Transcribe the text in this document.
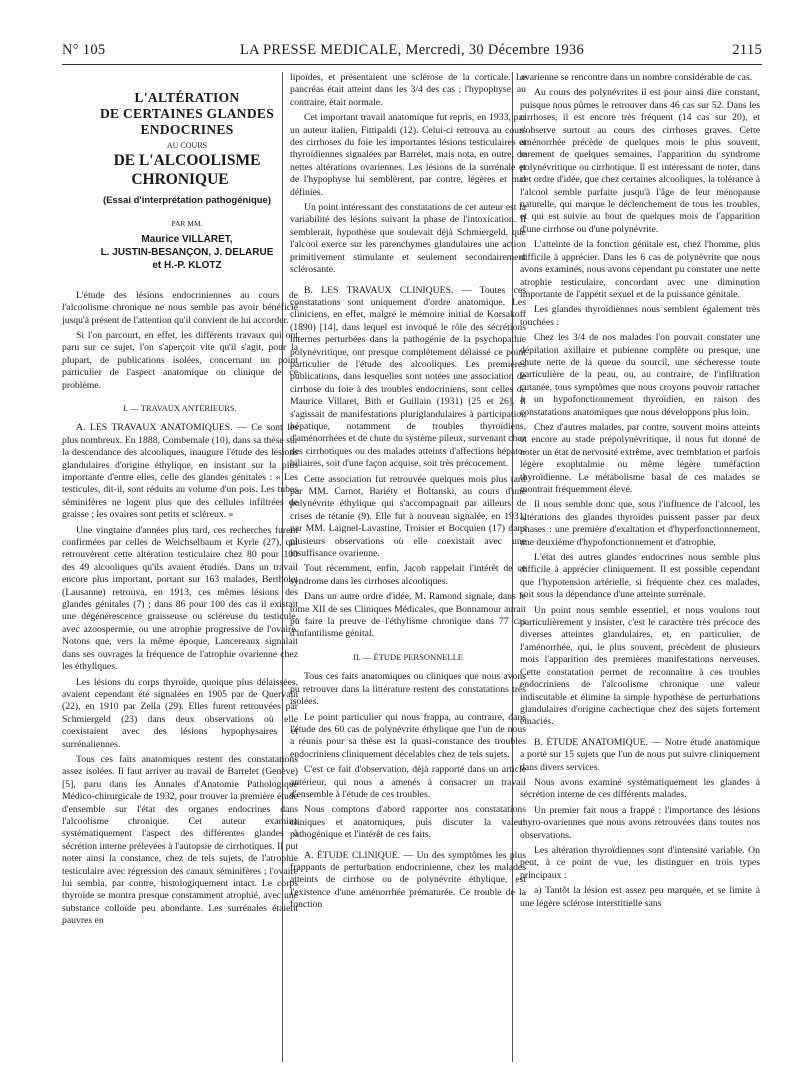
N° 105	LA PRESSE MEDICALE, Mercredi, 30 Décembre 1936	2115

L'ALTÉRATION

DE CERTAINES GLANDES

ENDOCRINES

AU COURS

DE L'ALCOOLISME CHRONIQUE

(Essai d'interprétation pathogénique)

PAR MM.

Maurice VILLARET,

L. JUSTIN-BESANÇON, J. DELARUE

et H.-P. KLOTZ

L'étude des lésions endocriniennes au cours de l'alcoolisme chronique ne nous semble pas avoir bénéficié jusqu'à présent de l'attention qu'il convient de lui accorder.

Si l'on parcourt, en effet, les différents travaux qui ont paru sur ce sujet, l'on s'aperçoit vite qu'il s'agit, pour la plupart, de publications isolées, concernant un point particulier de l'aspect anatomique ou clinique de ce problème.

I. — TRAVAUX ANTÉRIEURS.

A. LES TRAVAUX ANATOMIQUES. — Ce sont les plus nombreux. En 1888, Combemale (10), dans sa thèse sur la descendance des alcooliques, inaugure l'étude des lésions glandulaires d'origine éthylique, en insistant sur la plus importante d'entre elles, celle des glandes génitales : « Les testicules, dit-il, sont réduits au volume d'un pois. Les tubes séminifères ne logent plus que des cellules infiltrées de graisse ; les ovaires sont petits et scléreux. »

Une vingtaine d'années plus tard, ces recherches furent confirmées par celles de Weichselbaum et Kyrle (27), qui retrouvèrent cette altération testiculaire chez 80 pour 100 des 49 alcooliques qu'ils avaient étudiés. Dans un travail encore plus important, portant sur 163 malades, Bertholet (Lausanne) retrouva, en 1913, ces mêmes lésions des glandes génitales (7) ; dans 86 pour 100 des cas il existait une dégénérescence graisseuse ou scléreuse du testicule, avec azoospermie, ou une atrophie progressive de l'ovaire. Notons que, vers la même époque, Lancereaux signalait dans ses ouvrages la fréquence de l'atrophie ovarienne chez les éthyliques.

Les lésions du corps thyroïde, quoique plus délaissées, avaient cependant été signalées en 1905 par de Quervain (22), en 1910 par Zella (29). Elles furent retrouvées par Schmiergeld (23) dans deux observations où elle coexistaient avec des lésions hypophysaires et surrénaliennes.

Tous ces faits anatomiques restent des constatations assez isolées. Il faut arriver au travail de Barrelet (Genève) [5], paru dans les Annales d'Anatomie Pathologique Médico-chirurgicale de 1932, pour trouver la première étude d'ensemble sur l'état des organes endocrines dans l'alcoolisme chronique. Cet auteur examina systématiquement l'aspect des différentes glandes à sécrétion interne prélevées à l'autopsie de cirrhotiques. Il put noter ainsi la constance, chez de tels sujets, de l'atrophie testiculaire avec régression des canaux séminifères ; l'ovaire lui sembla, par contre, histologiquement intact. Le corps thyroïde se montra presque constamment atrophié, avec une substance colloïde peu abondante. Les surrénales étaient pauvres en

lipoïdes, et présentaient une sclérose de la corticale. Le pancréas était atteint dans les 3/4 des cas ; l'hypophyse, au contraire, était normale.

Cet important travail anatomique fut repris, en 1933, par un auteur italien, Fittipaldi (12). Celui-ci retrouva au cours des cirrhoses du foie les importantes lésions testiculaires et thyroïdiennes signalées par Barrelet, mais nota, en outre, de nettes altérations ovariennes. Les lésions de la surrénale et de l'hypophyse lui semblèrent, par contre, légères et mal définies.

Un point intéressant des constatations de cet auteur est la variabilité des lésions suivant la phase de l'intoxication. Il semblerait, hypothèse que soulevait déjà Schmiergeld, que l'alcool exerce sur les parenchymes glandulaires une action primitivement stimulante et seulement secondairement sclérosante.

B. LES TRAVAUX CLINIQUES. — Toutes ces constatations sont uniquement d'ordre anatomique. Les cliniciens, en effet, malgré le mémoire initial de Korsakoff (1890) [14], dans lequel est invoqué le rôle des sécrétions internes perturbées dans la pathogénie de la psychopathie polynévritique, ont presque complètement délaissé ce point particulier de l'étude des alcooliques. Les premières publications, dans lesquelles sont notées une association de cirrhose du foie à des troubles endocriniens, sont celles de Maurice Villaret, Bith et Guillain (1931) [25 et 26]. Il s'agissait de manifestations pluriglandulaires à participation hépatique, notamment de troubles thyroïdiens, d'aménorrhées et de chute du système pileux, survenant chez des cirrhotiques ou des malades atteints d'affections hépato-biliaires, soit d'une façon acquise, soit très précocement.

Cette association fut retrouvée quelques mois plus tard par MM. Carnot, Bariéty et Boltanski, au cours d'une polynévrite éthylique qui s'accompagnait par ailleurs de crises de tétanie (9). Elle fut à nouveau signalée, en 1931, par MM. Laignel-Lavastine, Troisier et Bocquien (17) dans plusieurs observations où elle coexistait avec une insuffisance ovarienne.

Tout récemment, enfin, Jacob rappelait l'intérêt de ce syndrome dans les cirrhoses alcooliques.

Dans un autre ordre d'idée, M. Ramond signale, dans le tome XII de ses Cliniques Médicales, que Bonnamour aurait pu faire la preuve de l'éthylisme chronique dans 77 cas d'infantilisme génital.

II. — ÉTUDE PERSONNELLE

Tous ces faits anatomiques ou cliniques que nous avons pu retrouver dans la littérature restent des constatations très isolées.

Le point particulier qui nous frappa, au contraire, dans l'étude des 60 cas de polynévrite éthylique que l'un de nous a réunis pour sa thèse est la quasi-constance des troubles endocriniens cliniquement décelables chez de tels sujets.

C'est ce fait d'observation, déjà rapporté dans un article antérieur, qui nous a amenés à consacrer un travail d'ensemble à l'étude de ces troubles.

Nous comptons d'abord rapporter nos constatations cliniques et anatomiques, puis discuter la valeur pathogénique et l'intérêt de ces faits.

A. ÉTUDE CLINIQUE. — Un des symptômes les plus frappants de perturbation endocrinienne, chez les malades atteints de cirrhose ou de polynévrite éthylique, est l'existence d'une aménorrhée prématurée. Ce trouble de la fonction

ovarienne se rencontre dans un nombre considérable de cas.

Au cours des polynévrites il est pour ainsi dire constant, puisque nous pûmes le retrouver dans 46 cas sur 52. Dans les cirrhoses, il est encore très fréquent (14 cas sur 20), et s'observe surtout au cours des cirrhoses graves. Cette aménorrhée précède de quelques mois le plus souvent, rarement de quelques semaines, l'apparition du syndrome polynévritique ou cirrhotique. Il est intéressant de noter, dans cet ordre d'idée, que chez certaines alcooliques, la tolérance à l'alcool semble parfaite jusqu'à l'âge de leur ménopause naturelle, qui marque le déclenchement de tous les troubles, et qui est suivie au bout de quelques mois de l'apparition d'une cirrhose ou d'une polynévrite.

L'atteinte de la fonction génitale est, chez l'homme, plus difficile à apprécier. Dans les 6 cas de polynévrite que nous avons examinés, nous avons cependant pu constater une nette atrophie testiculaire, concordant avec une diminution importante de l'appétit sexuel et de la puissance génitale.

Les glandes thyroïdiennes nous semblent également très touchées :

Chez les 3/4 de nos malades l'on pouvait constater une dépilation axillaire et pubienne complète ou presque, une chute nette de la queue du sourcil, une sécheresse toute particulière de la peau, ou, au contraire, de l'infiltration cutanée, tous symptômes que nous croyons pouvoir rattacher à un hypofonctionnement thyroïdien, en raison des constatations anatomiques que nous développons plus loin.

Chez d'autres malades, par contre, souvent moins atteints et encore au stade prépolynévritique, il nous fut donné de noter un état de nervosité extrême, avec tremblation et parfois légère exophtalmie ou même légère tuméfaction thyroïdienne. Le métabolisme basal de ces malades se montrait fréquemment élevé.

Il nous semble donc que, sous l'influence de l'alcool, les altérations des glandes thyroïdes puissent passer par deux phases : une première d'exaltation et d'hyperfonctionnement, une deuxième d'hypofonctionnement et d'atrophie.

L'état des autres glandes endocrines nous semble plus difficile à apprécier cliniquement. Il est possible cependant que l'hypotension artérielle, si fréquente chez ces malades, soit sous la dépendance d'une atteinte surrénale.

Un point nous semble essentiel, et nous voulons tout particulièrement y insister, c'est le caractère très précoce des diverses atteintes glandulaires, et, en particulier, de l'aménorrhée, qui, le plus souvent, précèdent de plusieurs mois l'apparition des premières manifestations nerveuses. Cette constatation permet de reconnaître à ces troubles endocriniens de l'alcoolisme chronique une valeur indiscutable et élimine la simple hypothèse de perturbations glandulaires d'origine cachectique chez des sujets fortement émaciés.

B. ÉTUDE ANATOMIQUE. — Notre étude anatomique a porté sur 15 sujets que l'un de nous put suivre cliniquement dans divers services.

Nous avons examiné systématiquement les glandes à sécrétion interne de ces différents malades.

Un premier fait nous a frappé : l'importance des lésions thyro-ovariennes que nous avons retrouvées dans toutes nos observations.

Les altération thyroïdiennes sont d'intensité variable. On peut, à ce point de vue, les distinguer en trois types principaux :

a) Tantôt la lésion est assez peu marquée, et se limite à une légère sclérose interstitielle sans
